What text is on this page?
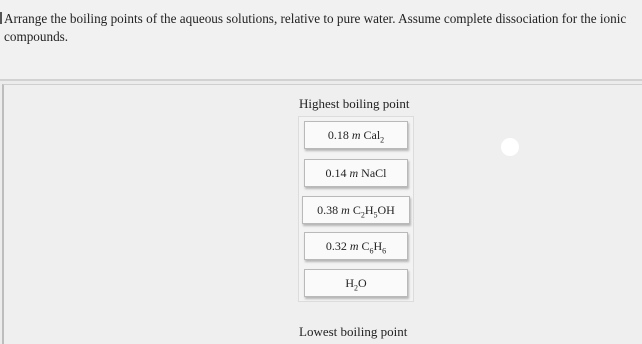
Arrange the boiling points of the aqueous solutions, relative to pure water. Assume complete dissociation for the ionic compounds.
Highest boiling point
0.18 m Cal$_2$
0.14 m NaCl
0.38 m $C_2H_5OH$
0.32 m $C_6H_6$
$H_2O$
Lowest boiling point
